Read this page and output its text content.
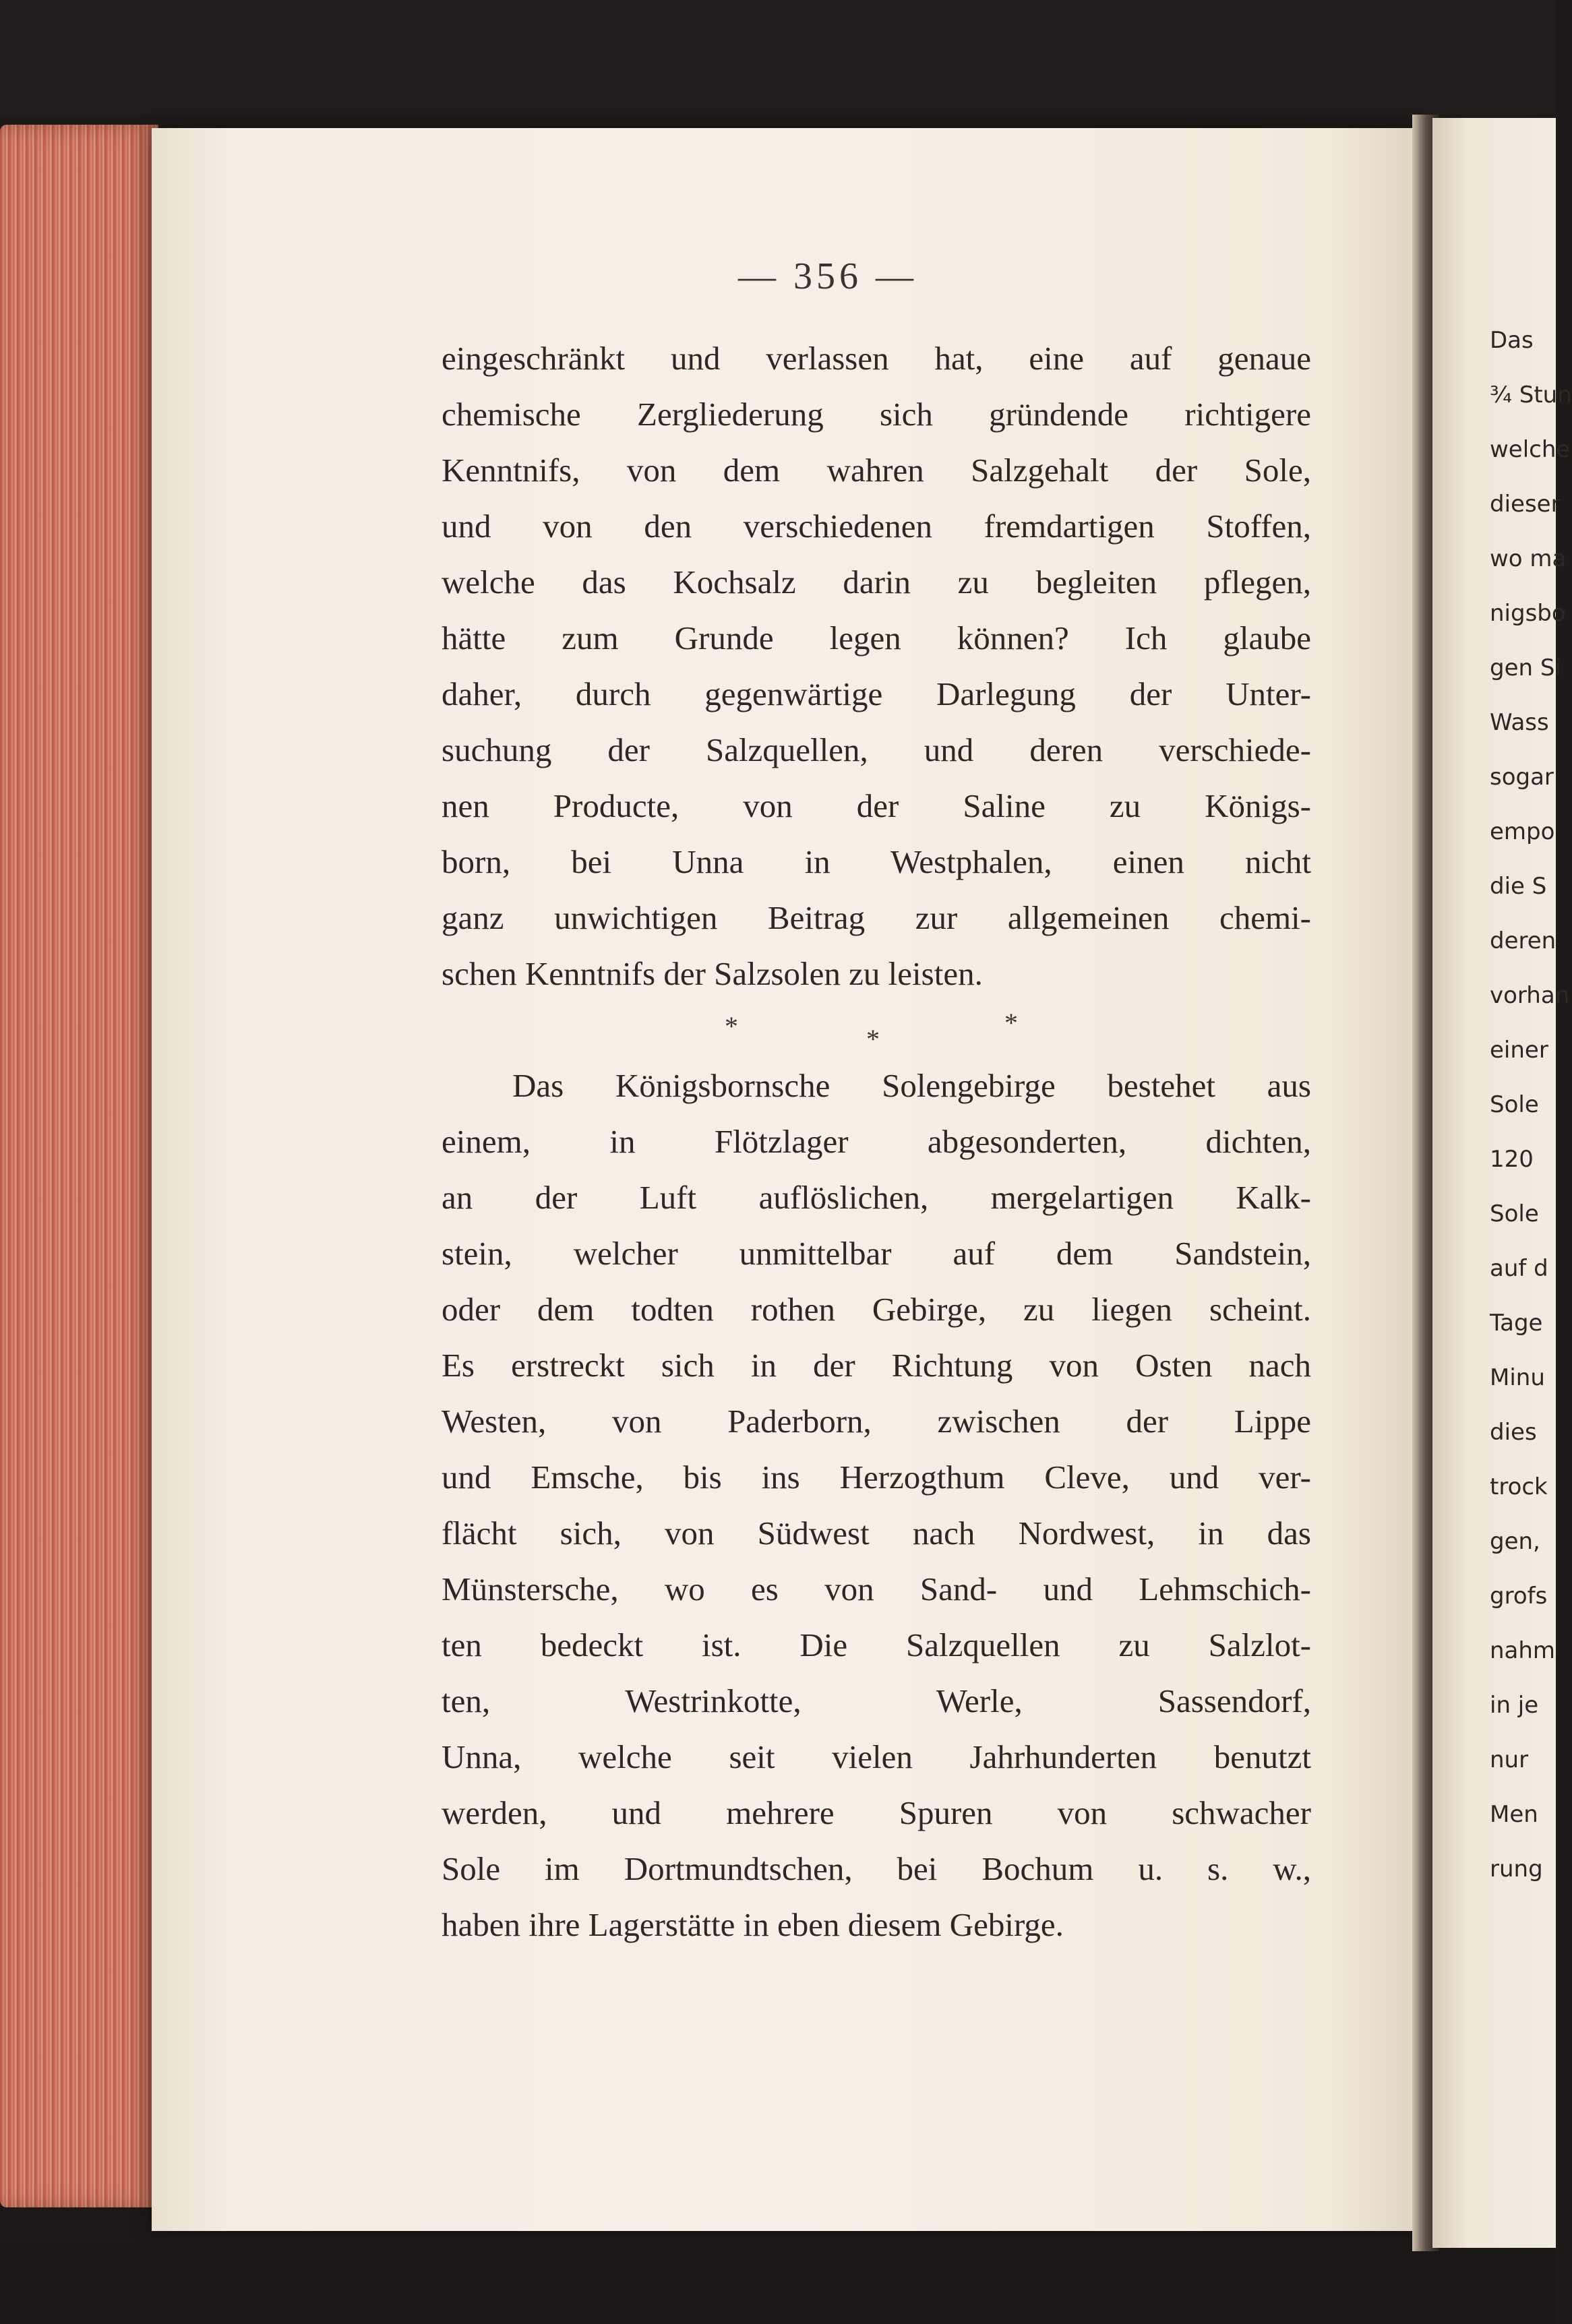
— 356 —
eingeschränkt und verlassen hat, eine auf genaue
chemische Zergliederung sich gründende richtigere
Kenntnifs, von dem wahren Salzgehalt der Sole,
und von den verschiedenen fremdartigen Stoffen,
welche das Kochsalz darin zu begleiten pflegen,
hätte zum Grunde legen können? Ich glaube
daher, durch gegenwärtige Darlegung der Unter-
suchung der Salzquellen, und deren verschiede-
nen Producte, von der Saline zu Königs-
born, bei Unna in Westphalen, einen nicht
ganz unwichtigen Beitrag zur allgemeinen chemi-
schen Kenntnifs der Salzsolen zu leisten.
*	*
*
Das Königsbornsche Solengebirge bestehet aus
einem, in Flötzlager abgesonderten, dichten,
an der Luft auflöslichen, mergelartigen Kalk-
stein, welcher unmittelbar auf dem Sandstein,
oder dem todten rothen Gebirge, zu liegen scheint.
Es erstreckt sich in der Richtung von Osten nach
Westen, von Paderborn, zwischen der Lippe
und Emsche, bis ins Herzogthum Cleve, und ver-
flächt sich, von Südwest nach Nordwest, in das
Münstersche, wo es von Sand- und Lehmschich-
ten bedeckt ist. Die Salzquellen zu Salzlot-
ten, Westrinkotte, Werle, Sassendorf,
Unna, welche seit vielen Jahrhunderten benutzt
werden, und mehrere Spuren von schwacher
Sole im Dortmundtschen, bei Bochum u. s. w.,
haben ihre Lagerstätte in eben diesem Gebirge.
Das
¾ Stun
welche
dieser
wo ma
nigsbo
gen Si
Wass
sogar
empo
die S
deren
vorhan
einer
Sole
120
Sole
auf d
Tage
Minu
dies
trock
gen,
grofs
nahm
in je
nur
Men
rung
